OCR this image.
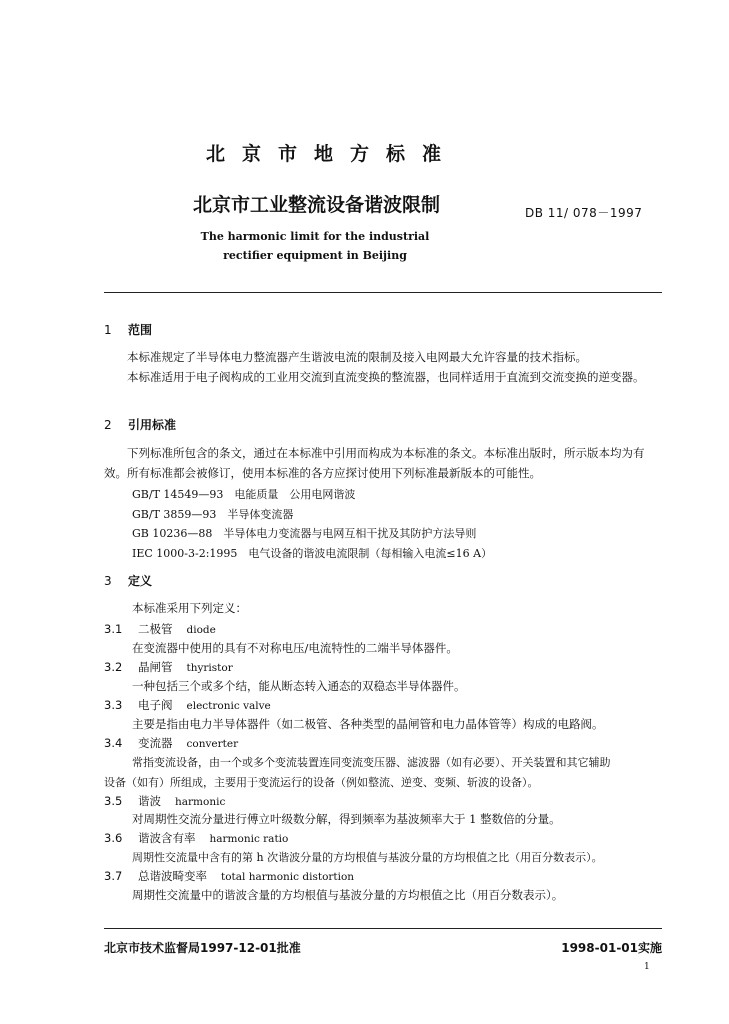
北京市地方标准
北京市工业整流设备谐波限制	DB 11/ 078－1997
The harmonic limit for the industrial
rectifier equipment in Beijing
1 范围
本标准规定了半导体电力整流器产生谐波电流的限制及接入电网最大允许容量的技术指标。
本标准适用于电子阀构成的工业用交流到直流变换的整流器，也同样适用于直流到交流变换的逆变器。
2 引用标准
下列标准所包含的条文，通过在本标准中引用而构成为本标准的条文。本标准出版时，所示版本均为有效。所有标准都会被修订，使用本标准的各方应探讨使用下列标准最新版本的可能性。
GB/T 14549—93　电能质量　公用电网谐波
GB/T 3859—93　半导体变流器
GB 10236—88　半导体电力变流器与电网互相干扰及其防护方法导则
IEC 1000-3-2:1995　电气设备的谐波电流限制（每相输入电流≤16 A）
3 定义
本标准采用下列定义：
3.1 二极管 diode
在变流器中使用的具有不对称电压/电流特性的二端半导体器件。
3.2 晶闸管 thyristor
一种包括三个或多个结，能从断态转入通态的双稳态半导体器件。
3.3 电子阀 electronic valve
主要是指由电力半导体器件（如二极管、各种类型的晶闸管和电力晶体管等）构成的电路阀。
3.4 变流器 converter
常指变流设备，由一个或多个变流装置连同变流变压器、滤波器（如有必要）、开关装置和其它辅助
设备（如有）所组成，主要用于变流运行的设备（例如整流、逆变、变频、斩波的设备）。
3.5 谐波 harmonic
对周期性交流分量进行傅立叶级数分解，得到频率为基波频率大于 1 整数倍的分量。
3.6 谐波含有率 harmonic ratio
周期性交流量中含有的第 h 次谐波分量的方均根值与基波分量的方均根值之比（用百分数表示）。
3.7 总谐波畸变率 total harmonic distortion
周期性交流量中的谐波含量的方均根值与基波分量的方均根值之比（用百分数表示）。
北京市技术监督局1997-12-01批准	1998-01-01实施
1
